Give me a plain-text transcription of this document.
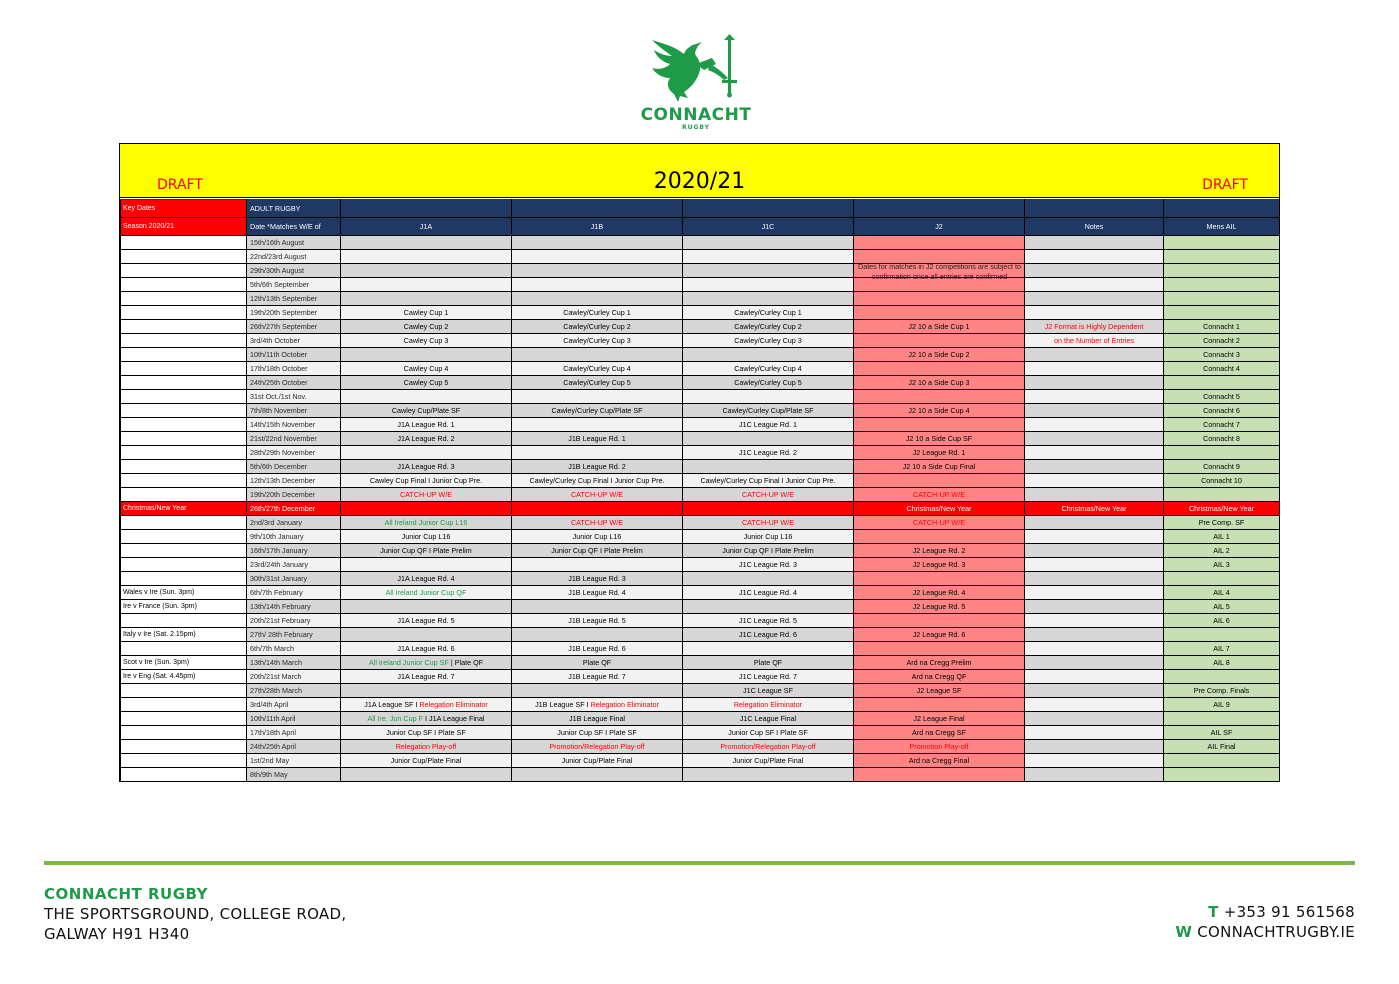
CONNACHT
RUGBY
DRAFT	2020/21	DRAFT
Key Dates	ADULT RUGBY						
Season 2020/21	Date *Matches W/E of	J1A	J1B	J1C	J2	Notes	Mens AIL
	15th/16th August						
	22nd/23rd August						
	29th/30th August						
	5th/6th September						
	12th/13th September						
	19th/20th September	Cawley Cup 1	Cawley/Curley Cup 1	Cawley/Curley Cup 1			
	26th/27th September	Cawley Cup 2	Cawley/Curley Cup 2	Cawley/Curley Cup 2	J2 10 a Side Cup 1	J2 Format is Highly Dependent	Connacht 1
	3rd/4th October	Cawley Cup 3	Cawley/Curley Cup 3	Cawley/Curley Cup 3		on the Number of Entries	Connacht 2
	10th/11th October				J2 10 a Side Cup 2		Connacht 3
	17th/18th October	Cawley Cup 4	Cawley/Curley Cup 4	Cawley/Curley Cup 4			Connacht 4
	24th/25th October	Cawley Cup 5	Cawley/Curley Cup 5	Cawley/Curley Cup 5	J2 10 a Side Cup 3		
	31st Oct./1st Nov.						Connacht 5
	7th/8th November	Cawley Cup/Plate SF	Cawley/Curley Cup/Plate SF	Cawley/Curley Cup/Plate SF	J2 10 a Side Cup 4		Connacht 6
	14th/15th November	J1A League Rd. 1		J1C League Rd. 1			Connacht 7
	21st/22nd November	J1A League Rd. 2	J1B League Rd. 1		J2 10 a Side Cup SF		Connacht 8
	28th/29th November			J1C League Rd. 2	J2 League Rd. 1		
	5th/6th December	J1A League Rd. 3	J1B League Rd. 2		J2 10 a Side Cup Final		Connacht 9
	12th/13th December	Cawley Cup Final I Junior Cup Pre.	Cawley/Curley Cup Final I Junior Cup Pre.	Cawley/Curley Cup Final I Junior Cup Pre.			Connacht 10
	19th/20th December	CATCH-UP W/E	CATCH-UP W/E	CATCH-UP W/E	CATCH-UP W/E		
Christmas/New Year	26th/27th December				Christmas/New Year	Christmas/New Year	Christmas/New Year
	2nd/3rd January	All Ireland Junior Cup L16	CATCH-UP W/E	CATCH-UP W/E	CATCH-UP W/E		Pre Comp. SF
	9th/10th January	Junior Cup L16	Junior Cup L16	Junior Cup L16			AIL 1
	16th/17th January	Junior Cup QF I Plate Prelim	Junior Cup QF I Plate Prelim	Junior Cup QF I Plate Prelim	J2 League Rd. 2		AIL 2
	23rd/24th January			J1C League Rd. 3	J2 League Rd. 3		AIL 3
	30th/31st January	J1A League Rd. 4	J1B League Rd. 3				
Wales v Ire (Sun. 3pm)	6th/7th February	All Ireland Junior Cup QF	J1B League Rd. 4	J1C League Rd. 4	J2 League Rd. 4		AIL 4
Ire v France (Sun. 3pm)	13th/14th February				J2 League Rd. 5		AIL 5
	20th/21st February	J1A League Rd. 5	J1B League Rd. 5	J1C League Rd. 5			AIL 6
Italy v Ire (Sat. 2.15pm)	27th/ 28th February			J1C League Rd. 6	J2 League Rd. 6		
	6th/7th March	J1A League Rd. 6	J1B League Rd. 6				AIL 7
Scot v Ire (Sun. 3pm)	13th/14th March	All Ireland Junior Cup SF | Plate QF	Plate QF	Plate QF	Ard na Cregg Prelim		AIL 8
Ire v Eng (Sat. 4.45pm)	20th/21st March	J1A League Rd. 7	J1B League Rd. 7	J1C League Rd. 7	Ard na Cregg QF		
	27th/28th March			J1C League SF	J2 League SF		Pre Comp. Finals
	3rd/4th April	J1A League SF I Relegation Eliminator	J1B League SF I Relegation Eliminator	Relegation Eliminator			AIL 9
	10th/11th April	All Ire. Jun Cup F I J1A League Final	J1B League Final	J1C League Final	J2 League Final		
	17th/18th April	Junior Cup SF I Plate SF	Junior Cup SF I Plate SF	Junior Cup SF I Plate SF	Ard na Cregg SF		AIL SF
	24th/25th April	Relegation Play-off	Promotion/Relegation Play-off	Promotion/Relegation Play-off	Promotion Play-off		AIL Final
	1st/2nd May	Junior Cup/Plate Final	Junior Cup/Plate Final	Junior Cup/Plate Final	Ard na Cregg Final		
	8th/9th May						
Dates for matches in J2 competitions are subject to confirmation once all entries are confirmed
CONNACHT RUGBY
THE SPORTSGROUND, COLLEGE ROAD,
GALWAY H91 H340
T +353 91 561568
W CONNACHTRUGBY.IE
